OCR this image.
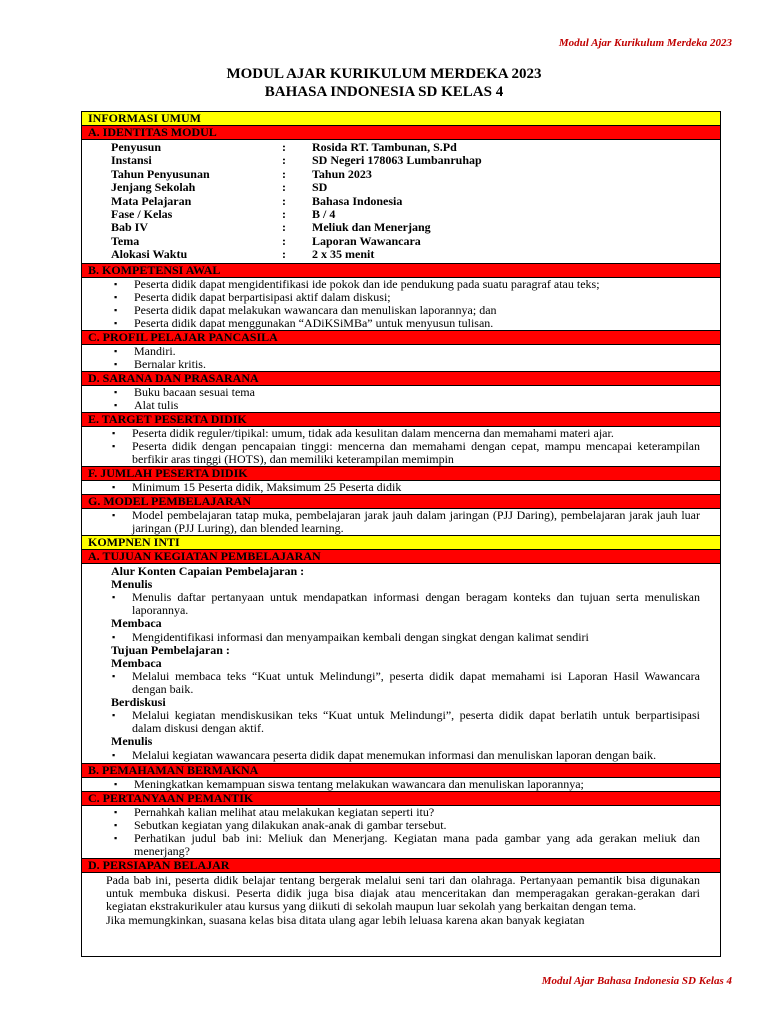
Modul Ajar Kurikulum Merdeka 2023
MODUL AJAR KURIKULUM MERDEKA 2023
BAHASA INDONESIA SD KELAS 4
INFORMASI UMUM
A. IDENTITAS MODUL
Penyusun	:	Rosida RT. Tambunan, S.Pd
Instansi	:	SD Negeri 178063 Lumbanruhap
Tahun Penyusunan	:	Tahun 2023
Jenjang Sekolah	:	SD
Mata Pelajaran	:	Bahasa Indonesia
Fase / Kelas	:	B / 4
Bab IV	:	Meliuk dan Menerjang
Tema	:	Laporan Wawancara
Alokasi Waktu	:	2 x 35 menit
B. KOMPETENSI AWAL
▪ Peserta didik dapat mengidentifikasi ide pokok dan ide pendukung pada suatu paragraf atau teks;
▪ Peserta didik dapat berpartisipasi aktif dalam diskusi;
▪ Peserta didik dapat melakukan wawancara dan menuliskan laporannya; dan
▪ Peserta didik dapat menggunakan “ADiKSiMBa” untuk menyusun tulisan.
C. PROFIL PELAJAR PANCASILA
▪ Mandiri.
▪ Bernalar kritis.
D. SARANA DAN PRASARANA
▪ Buku bacaan sesuai tema
▪ Alat tulis
E. TARGET PESERTA DIDIK
▪ Peserta didik reguler/tipikal: umum, tidak ada kesulitan dalam mencerna dan memahami materi ajar.
▪ Peserta didik dengan pencapaian tinggi: mencerna dan memahami dengan cepat, mampu mencapai keterampilan berfikir aras tinggi (HOTS), dan memiliki keterampilan memimpin
F. JUMLAH PESERTA DIDIK
▪ Minimum 15 Peserta didik, Maksimum 25 Peserta didik
G. MODEL PEMBELAJARAN
▪ Model pembelajaran tatap muka, pembelajaran jarak jauh dalam jaringan (PJJ Daring), pembelajaran jarak jauh luar jaringan (PJJ Luring), dan blended learning.
KOMPNEN INTI
A. TUJUAN KEGIATAN PEMBELAJARAN
Alur Konten Capaian Pembelajaran :
Menulis
▪ Menulis daftar pertanyaan untuk mendapatkan informasi dengan beragam konteks dan tujuan serta menuliskan laporannya.
Membaca
▪ Mengidentifikasi informasi dan menyampaikan kembali dengan singkat dengan kalimat sendiri
Tujuan Pembelajaran :
Membaca
▪ Melalui membaca teks “Kuat untuk Melindungi”, peserta didik dapat memahami isi Laporan Hasil Wawancara dengan baik.
Berdiskusi
▪ Melalui kegiatan mendiskusikan teks “Kuat untuk Melindungi”, peserta didik dapat berlatih untuk berpartisipasi dalam diskusi dengan aktif.
Menulis
▪ Melalui kegiatan wawancara peserta didik dapat menemukan informasi dan menuliskan laporan dengan baik.
B. PEMAHAMAN BERMAKNA
▪ Meningkatkan kemampuan siswa tentang melakukan wawancara dan menuliskan laporannya;
C. PERTANYAAN PEMANTIK
▪ Pernahkah kalian melihat atau melakukan kegiatan seperti itu?
▪ Sebutkan kegiatan yang dilakukan anak-anak di gambar tersebut.
▪ Perhatikan judul bab ini: Meliuk dan Menerjang. Kegiatan mana pada gambar yang ada gerakan meliuk dan menerjang?
D. PERSIAPAN BELAJAR
Pada bab ini, peserta didik belajar tentang bergerak melalui seni tari dan olahraga. Pertanyaan pemantik bisa digunakan untuk membuka diskusi. Peserta didik juga bisa diajak atau menceritakan dan memperagakan gerakan-gerakan dari kegiatan ekstrakurikuler atau kursus yang diikuti di sekolah maupun luar sekolah yang berkaitan dengan tema.
Jika memungkinkan, suasana kelas bisa ditata ulang agar lebih leluasa karena akan banyak kegiatan
Modul Ajar Bahasa Indonesia SD Kelas 4
